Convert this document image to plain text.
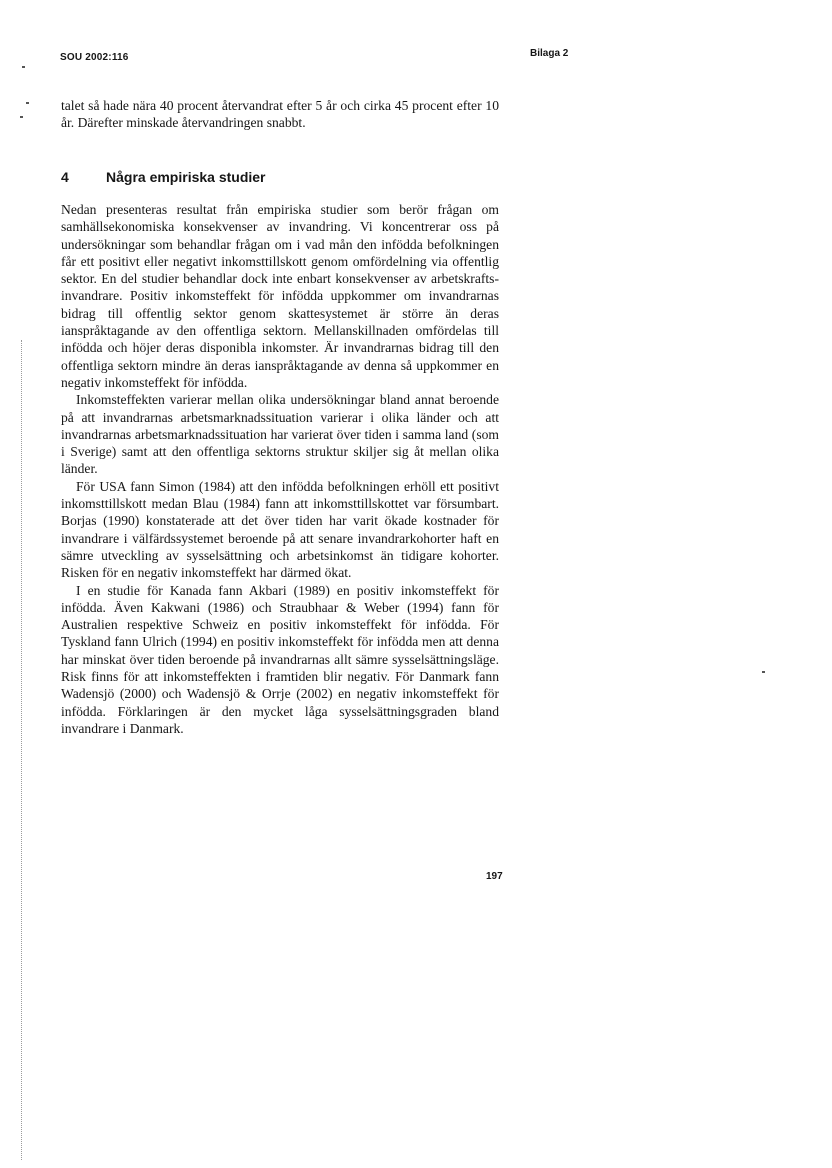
SOU 2002:116	Bilaga 2
talet så hade nära 40 procent återvandrat efter 5 år och cirka 45 procent efter 10 år. Därefter minskade återvandringen snabbt.
4	Några empiriska studier

Nedan presenteras resultat från empiriska studier som berör frågan om samhällsekonomiska konsekvenser av invandring. Vi koncentrerar oss på undersökningar som behandlar frågan om i vad mån den infödda befolkningen får ett positivt eller negativt inkomsttillskott genom omfördelning via offentlig sektor. En del studier behandlar dock inte enbart konsekvenser av arbetskraftsinvandrare. Positiv inkomsteffekt för infödda uppkommer om invandrarnas bidrag till offentlig sektor genom skattesystemet är större än deras ianspråktagande av den offentliga sektorn. Mellanskillnaden omfördelas till infödda och höjer deras disponibla inkomster. Är invandrarnas bidrag till den offentliga sektorn mindre än deras ianspråktagande av denna så uppkommer en negativ inkomsteffekt för infödda.

Inkomsteffekten varierar mellan olika undersökningar bland annat beroende på att invandrarnas arbetsmarknadssituation varierar i olika länder och att invandrarnas arbetsmarknadssituation har varierat över tiden i samma land (som i Sverige) samt att den offentliga sektorns struktur skiljer sig åt mellan olika länder.

För USA fann Simon (1984) att den infödda befolkningen erhöll ett positivt inkomsttillskott medan Blau (1984) fann att inkomsttillskottet var försumbart. Borjas (1990) konstaterade att det över tiden har varit ökade kostnader för invandrare i välfärdssystemet beroende på att senare invandrarkohorter haft en sämre utveckling av sysselsättning och arbetsinkomst än tidigare kohorter. Risken för en negativ inkomsteffekt har därmed ökat.

I en studie för Kanada fann Akbari (1989) en positiv inkomsteffekt för infödda. Även Kakwani (1986) och Straubhaar & Weber (1994) fann för Australien respektive Schweiz en positiv inkomsteffekt för infödda. För Tyskland fann Ulrich (1994) en positiv inkomsteffekt för infödda men att denna har minskat över tiden beroende på invandrarnas allt sämre sysselsättningsläge. Risk finns för att inkomsteffekten i framtiden blir negativ. För Danmark fann Wadensjö (2000) och Wadensjö & Orrje (2002) en negativ inkomsteffekt för infödda. Förklaringen är den mycket låga sysselsättningsgraden bland invandrare i Danmark.

197
